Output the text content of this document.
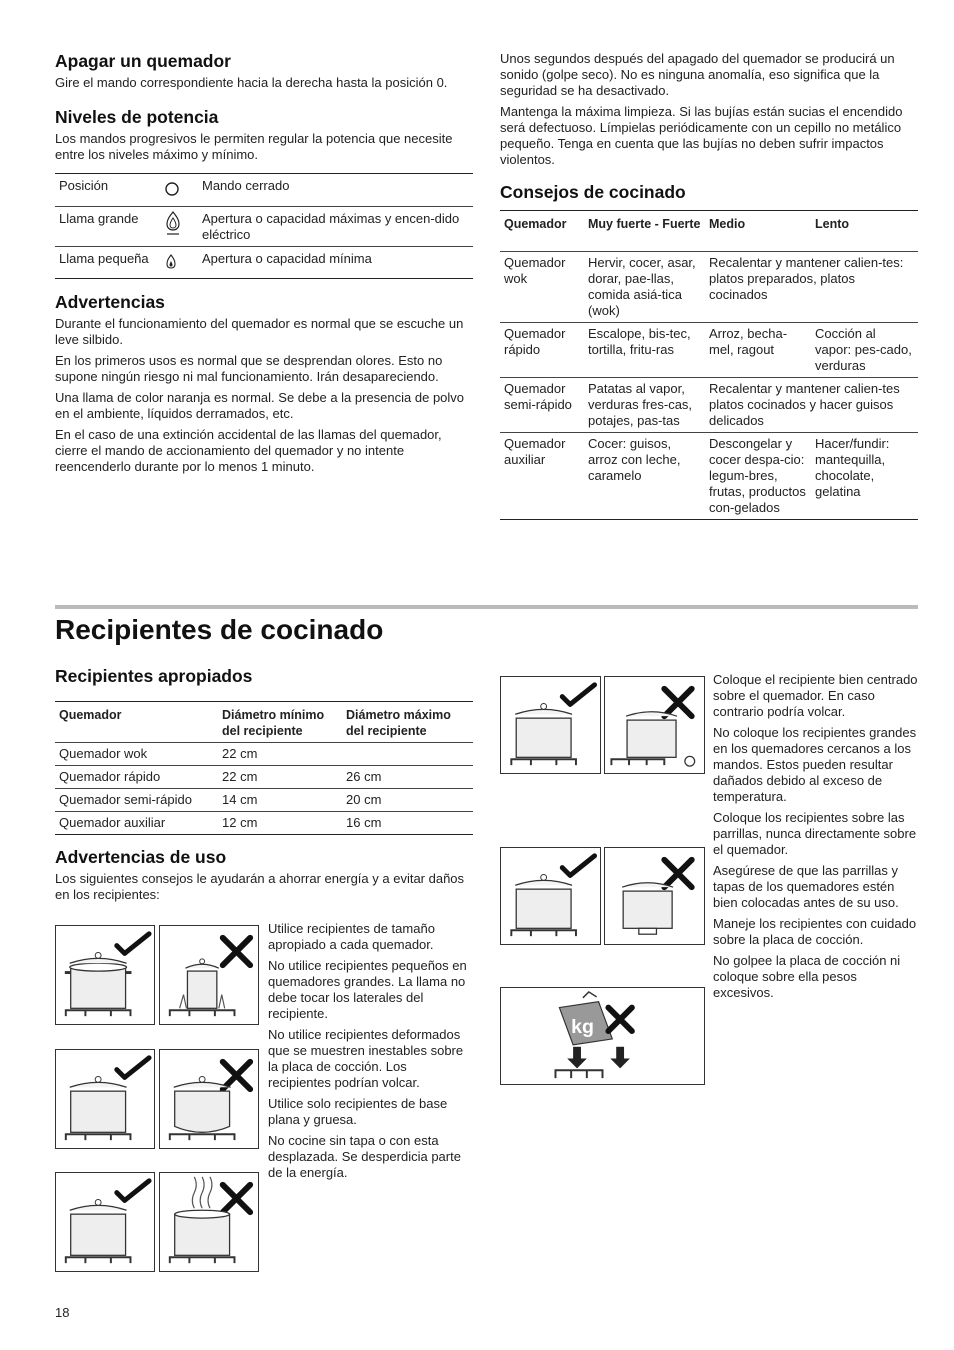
Apagar un quemador

Gire el mando correspondiente hacia la derecha hasta la posición 0.

Niveles de potencia

Los mandos progresivos le permiten regular la potencia que necesite entre los niveles máximo y mínimo.

Posición		Mando cerrado
Llama grande		Apertura o capacidad máximas y encen-dido eléctrico
Llama pequeña		Apertura o capacidad mínima
Advertencias

Durante el funcionamiento del quemador es normal que se escuche un leve silbido.

En los primeros usos es normal que se desprendan olores. Esto no supone ningún riesgo ni mal funcionamiento. Irán desapareciendo.

Una llama de color naranja es normal. Se debe a la presencia de polvo en el ambiente, líquidos derramados, etc.

En el caso de una extinción accidental de las llamas del quemador, cierre el mando de accionamiento del quemador y no intente reencenderlo durante por lo menos 1 minuto.

Unos segundos después del apagado del quemador se producirá un sonido (golpe seco). No es ninguna anomalía, eso significa que la seguridad se ha desactivado.

Mantenga la máxima limpieza. Si las bujías están sucias el encendido será defectuoso. Límpielas periódicamente con un cepillo no metálico pequeño. Tenga en cuenta que las bujías no deben sufrir impactos violentos.

Consejos de cocinado
Quemador	Muy fuerte - Fuerte	Medio	Lento
Quemador wok	Hervir, cocer, asar, dorar, pae-llas, comida asiá-tica (wok)	Recalentar y mantener calien-tes: platos preparados, platos cocinados	
Quemador rápido	Escalope, bis-tec, tortilla, fritu-ras	Arroz, becha-mel, ragout	Cocción al vapor: pes-cado, verduras
Quemador semi-rápido	Patatas al vapor, verduras fres-cas, potajes, pas-tas	Recalentar y mantener calien-tes platos cocinados y hacer guisos delicados	
Quemador auxiliar	Cocer: guisos, arroz con leche, caramelo	Descongelar y cocer despa-cio: legum-bres, frutas, productos con-gelados	Hacer/fundir: mantequilla, chocolate, gelatina
Recipientes de cocinado
Recipientes apropiados
Quemador	Diámetro mínimo del recipiente	Diámetro máximo del recipiente
Quemador wok	22 cm	
Quemador rápido	22 cm	26 cm
Quemador semi-rápido	14 cm	20 cm
Quemador auxiliar	12 cm	16 cm
Advertencias de uso

Los siguientes consejos le ayudarán a ahorrar energía y a evitar daños en los recipientes:

Utilice recipientes de tamaño apropiado a cada quemador.

No utilice recipientes pequeños en quemadores grandes. La llama no debe tocar los laterales del recipiente.

No utilice recipientes deformados que se muestren inestables sobre la placa de cocción. Los recipientes podrían volcar.

Utilice solo recipientes de base plana y gruesa.

No cocine sin tapa o con esta desplazada. Se desperdicia parte de la energía.

kg

Coloque el recipiente bien centrado sobre el quemador. En caso contrario podría volcar.

No coloque los recipientes grandes en los quemadores cercanos a los mandos. Estos pueden resultar dañados debido al exceso de temperatura.

Coloque los recipientes sobre las parrillas, nunca directamente sobre el quemador.

Asegúrese de que las parrillas y tapas de los quemadores estén bien colocadas antes de su uso.

Maneje los recipientes con cuidado sobre la placa de cocción.

No golpee la placa de cocción ni coloque sobre ella pesos excesivos.

18
